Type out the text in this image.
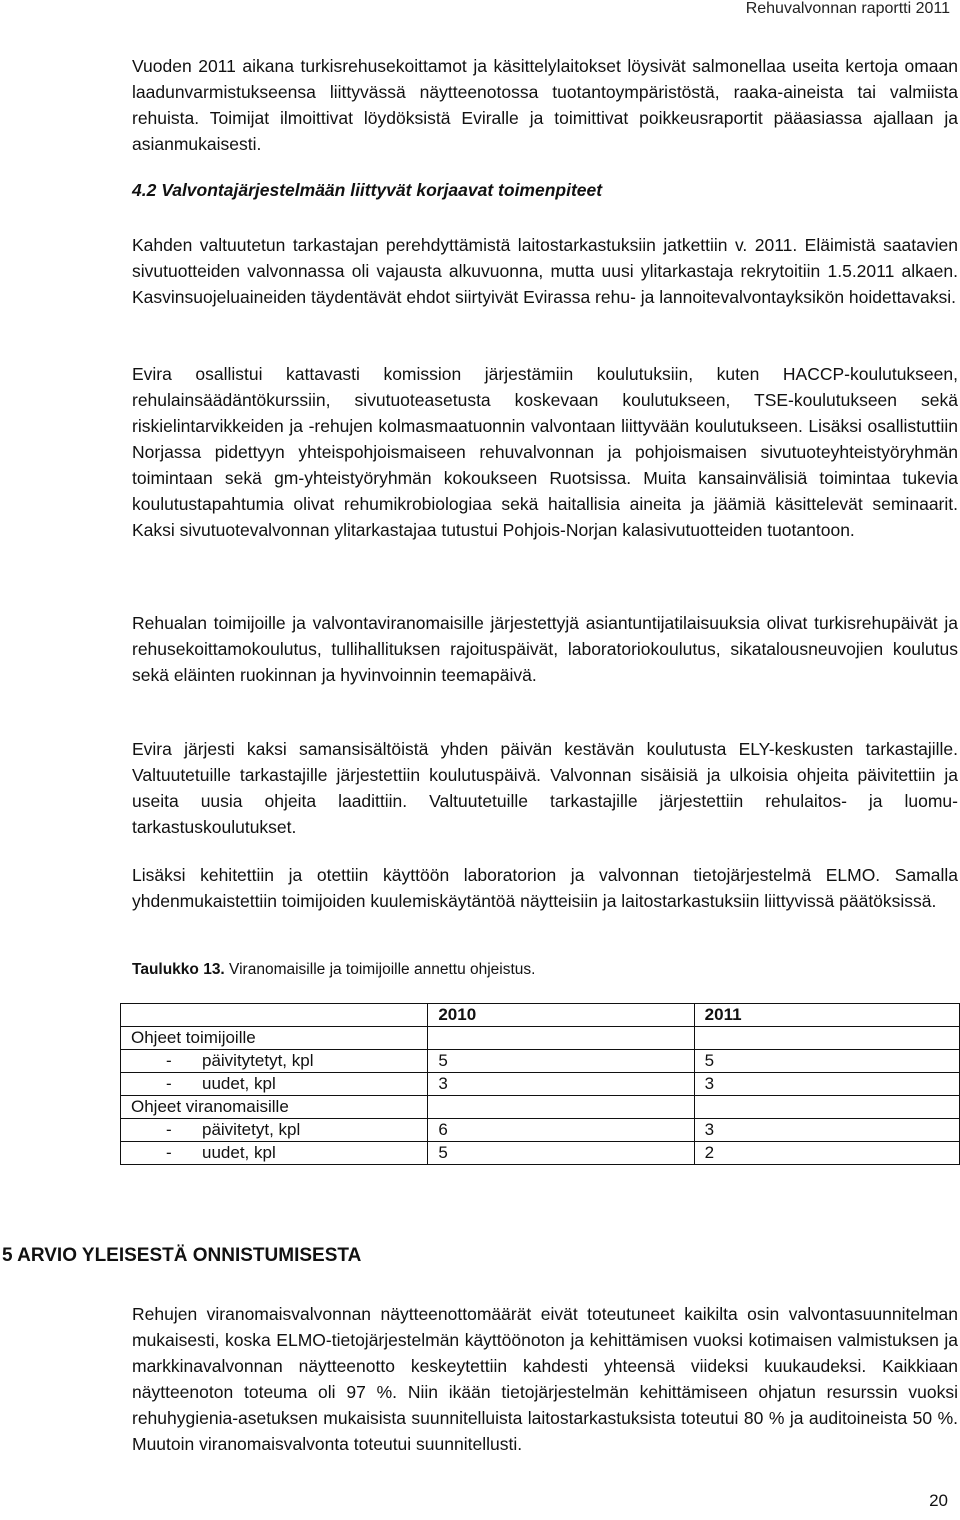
Rehuvalvonnan raportti 2011

Vuoden 2011 aikana turkisrehusekoittamot ja käsittelylaitokset löysivät salmonellaa useita kertoja omaan laadunvarmistukseensa liittyvässä näytteenotossa tuotantoympäristöstä, raaka-aineista tai valmiista rehuista. Toimijat ilmoittivat löydöksistä Eviralle ja toimittivat poikkeusraportit pääasiassa ajallaan ja asianmukaisesti.

4.2 Valvontajärjestelmään liittyvät korjaavat toimenpiteet

Kahden valtuutetun tarkastajan perehdyttämistä laitostarkastuksiin jatkettiin v. 2011. Eläimistä saatavien sivutuotteiden valvonnassa oli vajausta alkuvuonna, mutta uusi ylitarkastaja rekrytoitiin 1.5.2011 alkaen. Kasvinsuojeluaineiden täydentävät ehdot siirtyivät Evirassa rehu- ja lannoitevalvontayksikön hoidettavaksi.

Evira osallistui kattavasti komission järjestämiin koulutuksiin, kuten HACCP-koulutukseen, rehulainsäädäntökurssiin, sivutuoteasetusta koskevaan koulutukseen, TSE-koulutukseen sekä riskielintarvikkeiden ja -rehujen kolmasmaatuonnin valvontaan liittyvään koulutukseen. Lisäksi osallistuttiin Norjassa pidettyyn yhteispohjoismaiseen rehuvalvonnan ja pohjoismaisen sivutuoteyhteistyöryhmän toimintaan sekä gm-yhteistyöryhmän kokoukseen Ruotsissa. Muita kansainvälisiä toimintaa tukevia koulutustapahtumia olivat rehumikrobiologiaa sekä haitallisia aineita ja jäämiä käsittelevät seminaarit. Kaksi sivutuotevalvonnan ylitarkastajaa tutustui Pohjois-Norjan kalasivutuotteiden tuotantoon.

Rehualan toimijoille ja valvontaviranomaisille järjestettyjä asiantuntijatilaisuuksia olivat turkisrehupäivät ja rehusekoittamokoulutus, tullihallituksen rajoituspäivät, laboratoriokoulutus, sikatalousneuvojien koulutus sekä eläinten ruokinnan ja hyvinvoinnin teemapäivä.

Evira järjesti kaksi samansisältöistä yhden päivän kestävän koulutusta ELY-keskusten tarkastajille. Valtuutetuille tarkastajille järjestettiin koulutuspäivä. Valvonnan sisäisiä ja ulkoisia ohjeita päivitettiin ja useita uusia ohjeita laadittiin. Valtuutetuille tarkastajille järjestettiin rehulaitos- ja luomu-tarkastuskoulutukset.

Lisäksi kehitettiin ja otettiin käyttöön laboratorion ja valvonnan tietojärjestelmä ELMO. Samalla yhdenmukaistettiin toimijoiden kuulemiskäytäntöä näytteisiin ja laitostarkastuksiin liittyvissä päätöksissä.

Taulukko 13. Viranomaisille ja toimijoille annettu ohjeistus.

	2010	2011
Ohjeet toimijoille		
- päivitytetyt, kpl	5	5
- uudet, kpl	3	3
Ohjeet viranomaisille		
- päivitetyt, kpl	6	3
- uudet, kpl	5	2
5 ARVIO YLEISESTÄ ONNISTUMISESTA

Rehujen viranomaisvalvonnan näytteenottomäärät eivät toteutuneet kaikilta osin valvontasuunnitelman mukaisesti, koska ELMO-tietojärjestelmän käyttöönoton ja kehittämisen vuoksi kotimaisen valmistuksen ja markkinavalvonnan näytteenotto keskeytettiin kahdesti yhteensä viideksi kuukaudeksi. Kaikkiaan näytteenoton toteuma oli 97 %. Niin ikään tietojärjestelmän kehittämiseen ohjatun resurssin vuoksi rehuhygienia-asetuksen mukaisista suunnitelluista laitostarkastuksista toteutui 80 % ja auditoineista 50 %. Muutoin viranomaisvalvonta toteutui suunnitellusti.

20
